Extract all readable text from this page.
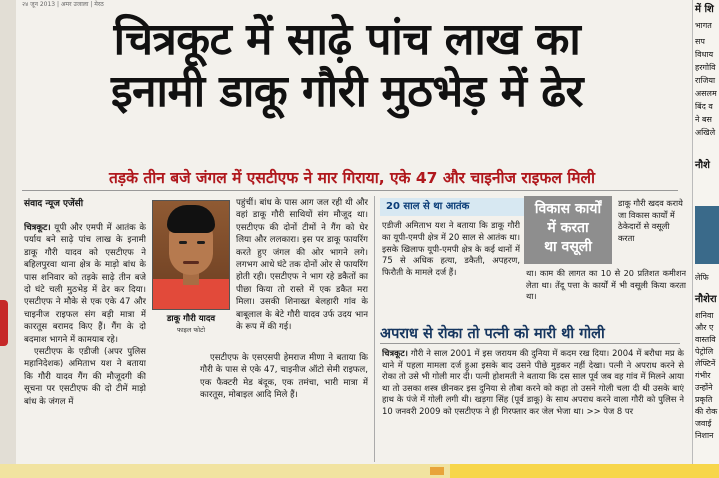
२४ जून 2013 | अमर उजाला | मेरठ
चित्रकूट में साढ़े पांच लाख का
इनामी डाकू गौरी मुठभेड़ में ढेर
तड़के तीन बजे जंगल में एसटीएफ ने मार गिराया, एके 47 और चाइनीज राइफल मिली
संवाद न्यूज एजेंसी

चित्रकूट। यूपी और एमपी में आतंक के पर्याय बने साढ़े पांच लाख के इनामी डाकू गौरी यादव को एसटीएफ ने बहिलपुरवा थाना क्षेत्र के माड़ो बांध के पास शनिवार को तड़के साढ़े तीन बजे दो घंटे चली मुठभेड़ में ढेर कर दिया। एसटीएफ ने मौके से एक एके 47 और चाइनीज राइफल संग बड़ी मात्रा में कारतूस बरामद किए हैं। गैंग के दो बदमाश भागने में कामयाब रहे।

एसटीएफ के एडीजी (अपर पुलिस महानिदेशक) अमिताभ यश ने बताया कि गौरी यादव गैंग की मौजूदगी की सूचना पर एसटीएफ की दो टीमें माड़ो बांध के जंगल में

डाकू गौरी यादव
फाइल फोटो

पहुंचीं। बांध के पास आग जल रही थी और वहां डाकू गौरी साथियों संग मौजूद था। एसटीएफ की दोनों टीमों ने गैंग को घेर लिया और ललकारा। इस पर डाकू फायरिंग करते हुए जंगल की ओर भागने लगे। लगभग आधे घंटे तक दोनों ओर से फायरिंग होती रही। एसटीएफ ने भाग रहे डकैतों का पीछा किया तो रास्ते में एक डकैत मरा मिला। उसकी शिनाख्त बेलहारी गांव के बाबूलाल के बेटे गौरी यादव उर्फ उदय भान के रूप में की गई।

एसटीएफ के एसएसपी हेमराज मीणा ने बताया कि गौरी के पास से एके 47, चाइनीज ऑटो सेमी राइफल, एक फैक्टरी मेड बंदूक, एक तमंचा, भारी मात्रा में कारतूस, मोबाइल आदि मिले हैं।

20 साल से था आतंक
एडीजी अमिताभ यश ने बताया कि डाकू गौरी का यूपी-एमपी क्षेत्र में 20 साल से आतंक था। इसके खिलाफ यूपी-एमपी क्षेत्र के कई थानों में 75 से अधिक हत्या, डकैती, अपहरण, फिरौती के मामले दर्ज हैं।
विकास कार्यों
में करता
था वसूली
डाकू गौरी खदव कराये जा विकास कार्यों में ठेकेदारों से वसूली करता
था। काम की लागत का 10 से 20 प्रतिशत कमीशन लेता था। तेंदू पत्ता के कार्यों में भी वसूली किया करता था।
अपराध से रोका तो पत्नी को मारी थी गोली

चित्रकूट। गौरी ने साल 2001 में इस जरायम की दुनिया में कदम रख दिया। 2004 में बरौधा मप्र के थाने में पहला मामला दर्ज हुआ इसके बाद उसने पीछे मुड़कर नहीं देखा। पत्नी ने अपराध करने से रोका तो उसे भी गोली मार दी। पत्नी होशमती ने बताया कि दस साल पूर्व जब वह गांव में मिलने आया था तो उसका शस्त्र छीनकर इस दुनिया से तौबा करने को कहा तो उसने गोली चला दी थी उसके बाएं हाथ के पंजे में गोली लगी थी। खड़गा सिंह (पूर्व डाकू) के साथ अपराध करने वाला गौरी को पुलिस ने 10 जनवरी 2009 को एसटीएफ ने ही गिरफ्तार कर जेल भेजा था। >> पेज 8 पर

में शि
भागत
सप
विधाय
हरगोवि
राजिया
असलम
बिंद व
ने बस
अखिले
नौशे
लेफि
नौशेरा
शनिवा
और ए
वास्तवि
पेट्रोलि
लेफ्टिनें
गंभीर
उन्होंने
प्रकृति
की रोक
जवाई
निशान
